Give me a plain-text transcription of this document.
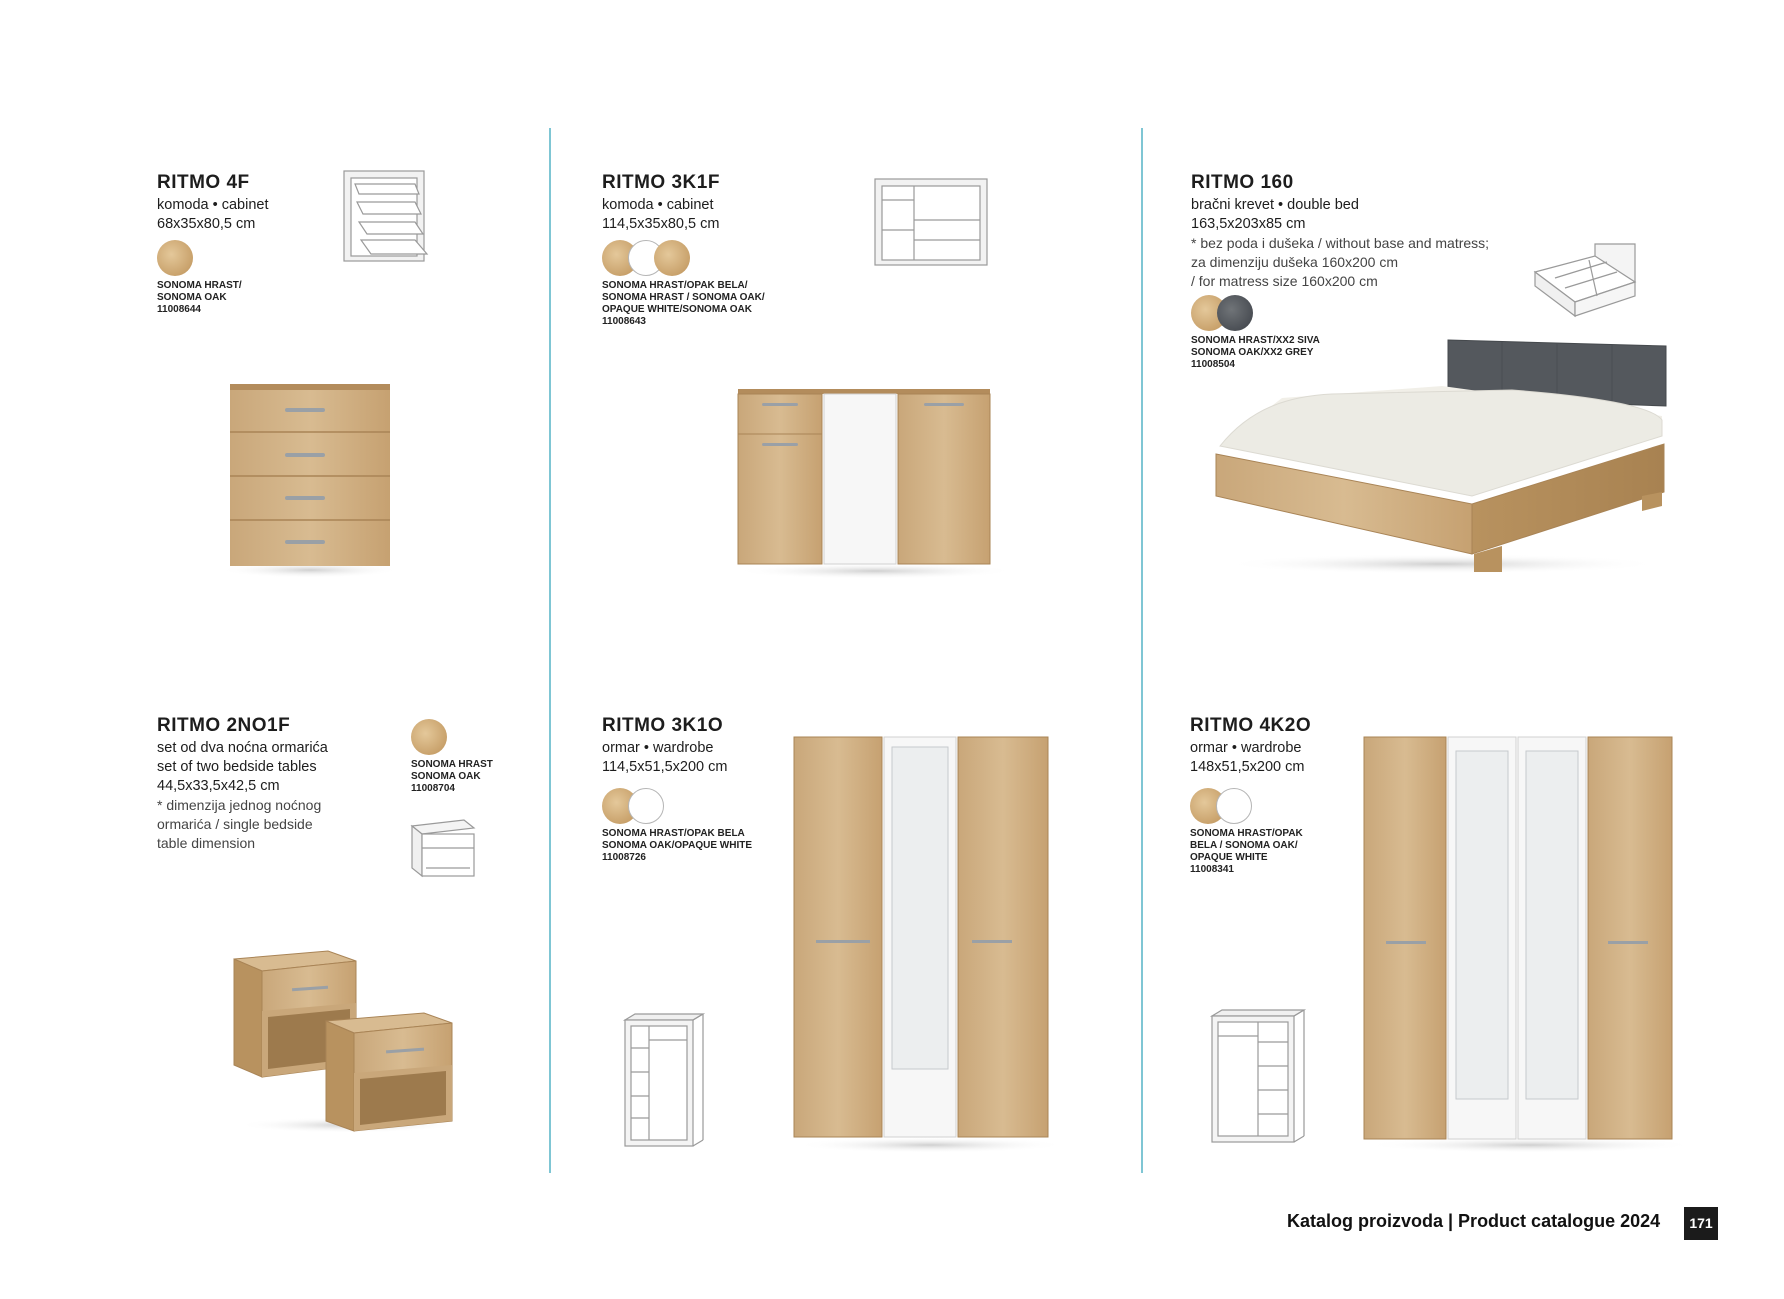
RITMO 4F
komoda • cabinet
68x35x80,5 cm
SONOMA HRAST/
SONOMA OAK
11008644
RITMO 3K1F
komoda • cabinet
114,5x35x80,5 cm
SONOMA HRAST/OPAK BELA/
SONOMA HRAST / SONOMA OAK/
OPAQUE WHITE/SONOMA OAK
11008643
RITMO 160
bračni krevet • double bed
163,5x203x85 cm
* bez poda i dušeka / without base and matress;
za dimenziju dušeka 160x200 cm
/ for matress size 160x200 cm
SONOMA HRAST/XX2 SIVA
SONOMA OAK/XX2 GREY
11008504
RITMO 2NO1F
set od dva noćna ormarića
set of two bedside tables
44,5x33,5x42,5 cm
* dimenzija jednog noćnog
ormarića / single bedside
table dimension
SONOMA HRAST
SONOMA OAK
11008704
RITMO 3K1O
ormar • wardrobe
114,5x51,5x200 cm
SONOMA HRAST/OPAK BELA
SONOMA OAK/OPAQUE WHITE
11008726
RITMO 4K2O
ormar • wardrobe
148x51,5x200 cm
SONOMA HRAST/OPAK
BELA / SONOMA OAK/
OPAQUE WHITE
11008341
Katalog proizvoda | Product catalogue 2024	171
